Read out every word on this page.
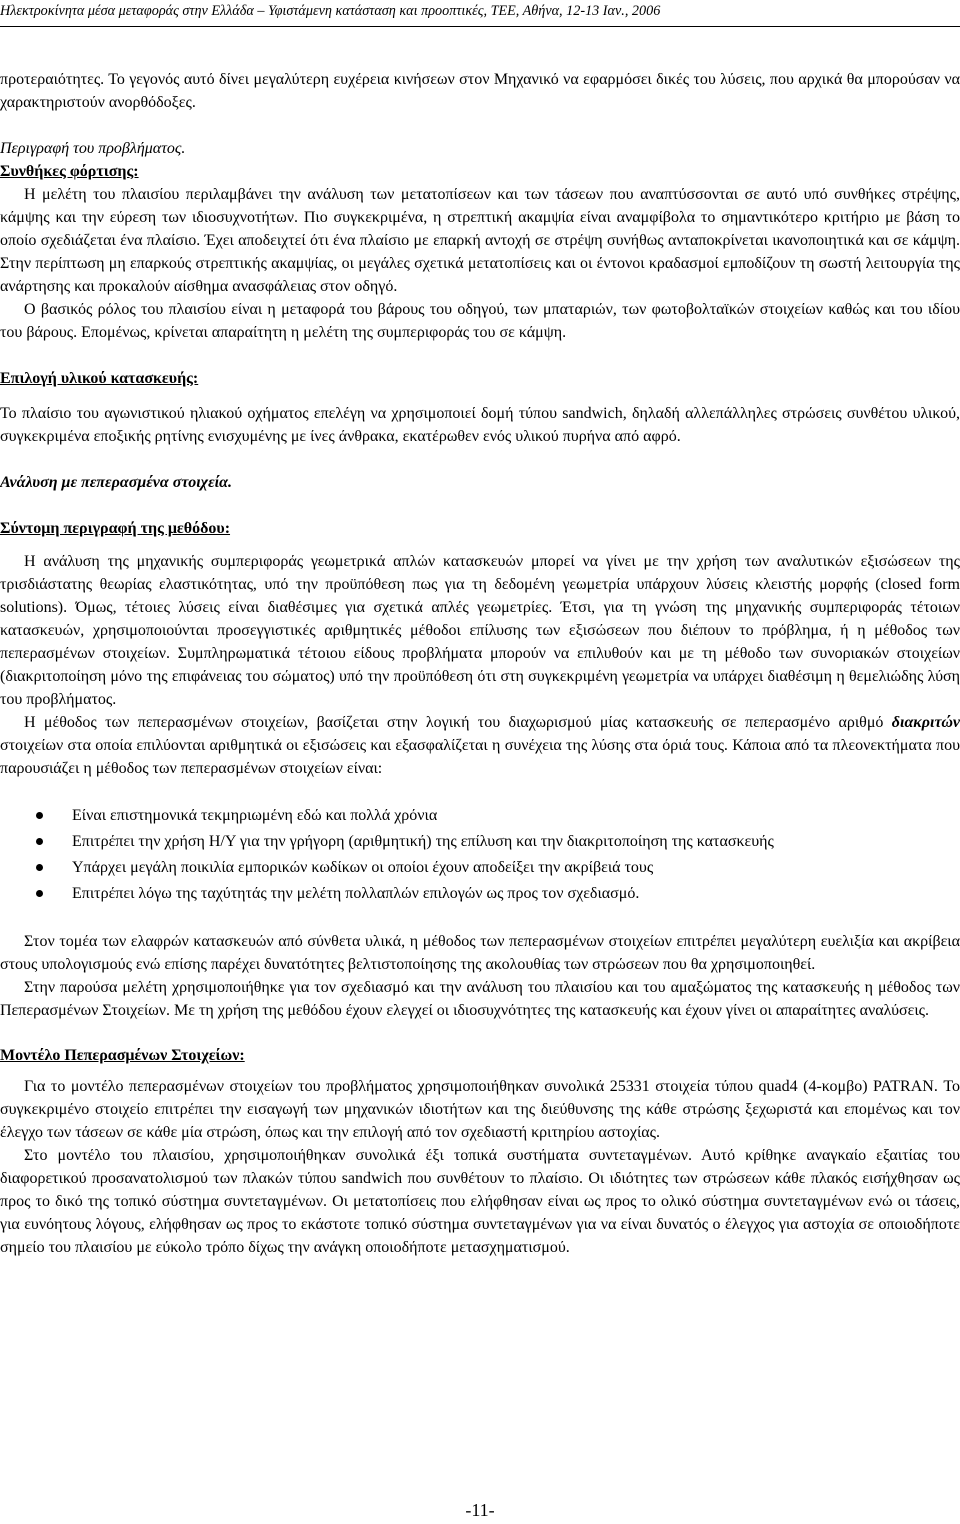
Ηλεκτροκίνητα μέσα μεταφοράς στην Ελλάδα – Υφιστάμενη κατάσταση και προοπτικές, ΤΕΕ, Αθήνα, 12-13 Ιαν., 2006

προτεραιότητες. Το γεγονός αυτό δίνει μεγαλύτερη ευχέρεια κινήσεων στον Μηχανικό να εφαρμόσει δικές του λύσεις, που αρχικά θα μπορούσαν να χαρακτηριστούν ανορθόδοξες.

Περιγραφή του προβλήματος.

Συνθήκες φόρτισης:

Η μελέτη του πλαισίου περιλαμβάνει την ανάλυση των μετατοπίσεων και των τάσεων που αναπτύσσονται σε αυτό υπό συνθήκες στρέψης, κάμψης και την εύρεση των ιδιοσυχνοτήτων. Πιο συγκεκριμένα, η στρεπτική ακαμψία είναι αναμφίβολα το σημαντικότερο κριτήριο με βάση το οποίο σχεδιάζεται ένα πλαίσιο. Έχει αποδειχτεί ότι ένα πλαίσιο με επαρκή αντοχή σε στρέψη συνήθως ανταποκρίνεται ικανοποιητικά και σε κάμψη. Στην περίπτωση μη επαρκούς στρεπτικής ακαμψίας, οι μεγάλες σχετικά μετατοπίσεις και οι έντονοι κραδασμοί εμποδίζουν τη σωστή λειτουργία της ανάρτησης και προκαλούν αίσθημα ανασφάλειας στον οδηγό.

Ο βασικός ρόλος του πλαισίου είναι η μεταφορά του βάρους του οδηγού, των μπαταριών, των φωτοβολταϊκών στοιχείων καθώς και του ιδίου του βάρους. Επομένως, κρίνεται απαραίτητη η μελέτη της συμπεριφοράς του σε κάμψη.

Επιλογή υλικού κατασκευής:

Το πλαίσιο του αγωνιστικού ηλιακού οχήματος επελέγη να χρησιμοποιεί δομή τύπου sandwich, δηλαδή αλλεπάλληλες στρώσεις συνθέτου υλικού, συγκεκριμένα εποξικής ρητίνης ενισχυμένης με ίνες άνθρακα, εκατέρωθεν ενός υλικού πυρήνα από αφρό.

Ανάλυση με πεπερασμένα στοιχεία.

Σύντομη περιγραφή της μεθόδου:

Η ανάλυση της μηχανικής συμπεριφοράς γεωμετρικά απλών κατασκευών μπορεί να γίνει με την χρήση των αναλυτικών εξισώσεων της τρισδιάστατης θεωρίας ελαστικότητας, υπό την προϋπόθεση πως για τη δεδομένη γεωμετρία υπάρχουν λύσεις κλειστής μορφής (closed form solutions). Όμως, τέτοιες λύσεις είναι διαθέσιμες για σχετικά απλές γεωμετρίες. Έτσι, για τη γνώση της μηχανικής συμπεριφοράς τέτοιων κατασκευών, χρησιμοποιούνται προσεγγιστικές αριθμητικές μέθοδοι επίλυσης των εξισώσεων που διέπουν το πρόβλημα, ή η μέθοδος των πεπερασμένων στοιχείων. Συμπληρωματικά τέτοιου είδους προβλήματα μπορούν να επιλυθούν και με τη μέθοδο των συνοριακών στοιχείων (διακριτοποίηση μόνο της επιφάνειας του σώματος) υπό την προϋπόθεση ότι στη συγκεκριμένη γεωμετρία να υπάρχει διαθέσιμη η θεμελιώδης λύση του προβλήματος.

Η μέθοδος των πεπερασμένων στοιχείων, βασίζεται στην λογική του διαχωρισμού μίας κατασκευής σε πεπερασμένο αριθμό διακριτών στοιχείων στα οποία επιλύονται αριθμητικά οι εξισώσεις και εξασφαλίζεται η συνέχεια της λύσης στα όριά τους. Κάποια από τα πλεονεκτήματα που παρουσιάζει η μέθοδος των πεπερασμένων στοιχείων είναι:

Είναι επιστημονικά τεκμηριωμένη εδώ και πολλά χρόνια
Επιτρέπει την χρήση Η/Υ για την γρήγορη (αριθμητική) της επίλυση και την διακριτοποίηση της κατασκευής
Υπάρχει μεγάλη ποικιλία εμπορικών κωδίκων οι οποίοι έχουν αποδείξει την ακρίβειά τους
Επιτρέπει λόγω της ταχύτητάς την μελέτη πολλαπλών επιλογών ως προς τον σχεδιασμό.

Στον τομέα των ελαφρών κατασκευών από σύνθετα υλικά, η μέθοδος των πεπερασμένων στοιχείων επιτρέπει μεγαλύτερη ευελιξία και ακρίβεια στους υπολογισμούς ενώ επίσης παρέχει δυνατότητες βελτιστοποίησης της ακολουθίας των στρώσεων που θα χρησιμοποιηθεί.

Στην παρούσα μελέτη χρησιμοποιήθηκε για τον σχεδιασμό και την ανάλυση του πλαισίου και του αμαξώματος της κατασκευής η μέθοδος των Πεπερασμένων Στοιχείων. Με τη χρήση της μεθόδου έχουν ελεγχεί οι ιδιοσυχνότητες της κατασκευής και έχουν γίνει οι απαραίτητες αναλύσεις.

Μοντέλο Πεπερασμένων Στοιχείων:

Για το μοντέλο πεπερασμένων στοιχείων του προβλήματος χρησιμοποιήθηκαν συνολικά 25331 στοιχεία τύπου quad4 (4-κομβο) PATRAN. Το συγκεκριμένο στοιχείο επιτρέπει την εισαγωγή των μηχανικών ιδιοτήτων και της διεύθυνσης της κάθε στρώσης ξεχωριστά και επομένως και τον έλεγχο των τάσεων σε κάθε μία στρώση, όπως και την επιλογή από τον σχεδιαστή κριτηρίου αστοχίας.

Στο μοντέλο του πλαισίου, χρησιμοποιήθηκαν συνολικά έξι τοπικά συστήματα συντεταγμένων. Αυτό κρίθηκε αναγκαίο εξαιτίας του διαφορετικού προσανατολισμού των πλακών τύπου sandwich που συνθέτουν το πλαίσιο. Οι ιδιότητες των στρώσεων κάθε πλακός εισήχθησαν ως προς το δικό της τοπικό σύστημα συντεταγμένων. Οι μετατοπίσεις που ελήφθησαν είναι ως προς το ολικό σύστημα συντεταγμένων ενώ οι τάσεις, για ευνόητους λόγους, ελήφθησαν ως προς το εκάστοτε τοπικό σύστημα συντεταγμένων για να είναι δυνατός ο έλεγχος για αστοχία σε οποιοδήποτε σημείο του πλαισίου με εύκολο τρόπο δίχως την ανάγκη οποιοδήποτε μετασχηματισμού.

-11-
